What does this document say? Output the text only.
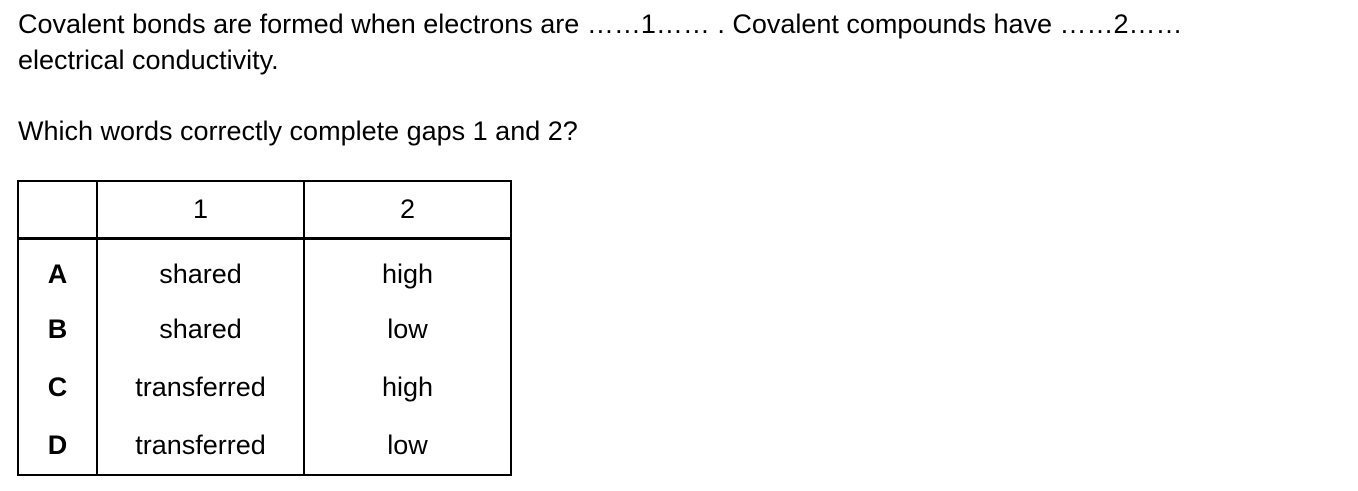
Covalent bonds are formed when electrons are ……1…… . Covalent compounds have ……2……
electrical conductivity.

Which words correctly complete gaps 1 and 2?

	1	2
A	shared	high
B	shared	low
C	transferred	high
D	transferred	low
